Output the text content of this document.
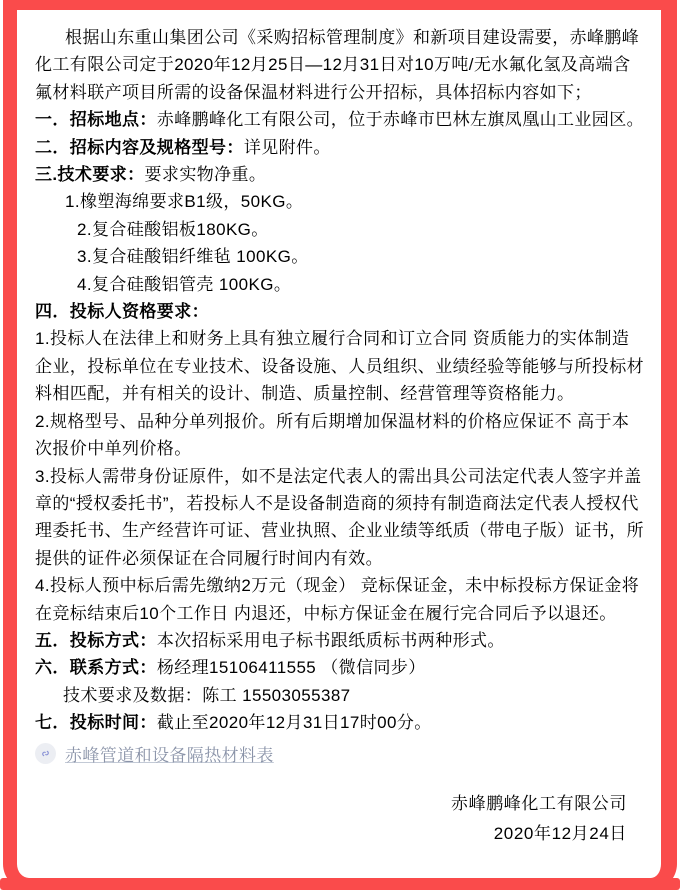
根据山东重山集团公司《采购招标管理制度》和新项目建设需要，赤峰鹏峰化工有限公司定于2020年12月25日—12月31日对10万吨/无水氟化氢及高端含氟材料联产项目所需的设备保温材料进行公开招标，具体招标内容如下；

一．招标地点：赤峰鹏峰化工有限公司，位于赤峰市巴林左旗凤凰山工业园区。

二．招标内容及规格型号：详见附件。

三.技术要求：要求实物净重。

1.橡塑海绵要求B1级，50KG。

2.复合硅酸铝板180KG。

3.复合硅酸铝纤维毡 100KG。

4.复合硅酸铝管壳 100KG。

四．投标人资格要求：

1.投标人在法律上和财务上具有独立履行合同和订立合同 资质能力的实体制造企业，投标单位在专业技术、设备设施、人员组织、业绩经验等能够与所投标材料相匹配，并有相关的设计、制造、质量控制、经营管理等资格能力。

2.规格型号、品种分单列报价。所有后期增加保温材料的价格应保证不 高于本次报价中单列价格。

3.投标人需带身份证原件，如不是法定代表人的需出具公司法定代表人签字并盖章的“授权委托书”，若投标人不是设备制造商的须持有制造商法定代表人授权代理委托书、生产经营许可证、营业执照、企业业绩等纸质（带电子版）证书，所提供的证件必须保证在合同履行时间内有效。

4.投标人预中标后需先缴纳2万元（现金） 竞标保证金，未中标投标方保证金将在竞标结束后10个工作日 内退还，中标方保证金在履行完合同后予以退还。

五．投标方式：本次招标采用电子标书跟纸质标书两种形式。

六．联系方式：杨经理15106411555 （微信同步）

技术要求及数据：陈工 15503055387

七．投标时间：截止至2020年12月31日17时00分。

赤峰管道和设备隔热材料表

赤峰鹏峰化工有限公司

2020年12月24日
